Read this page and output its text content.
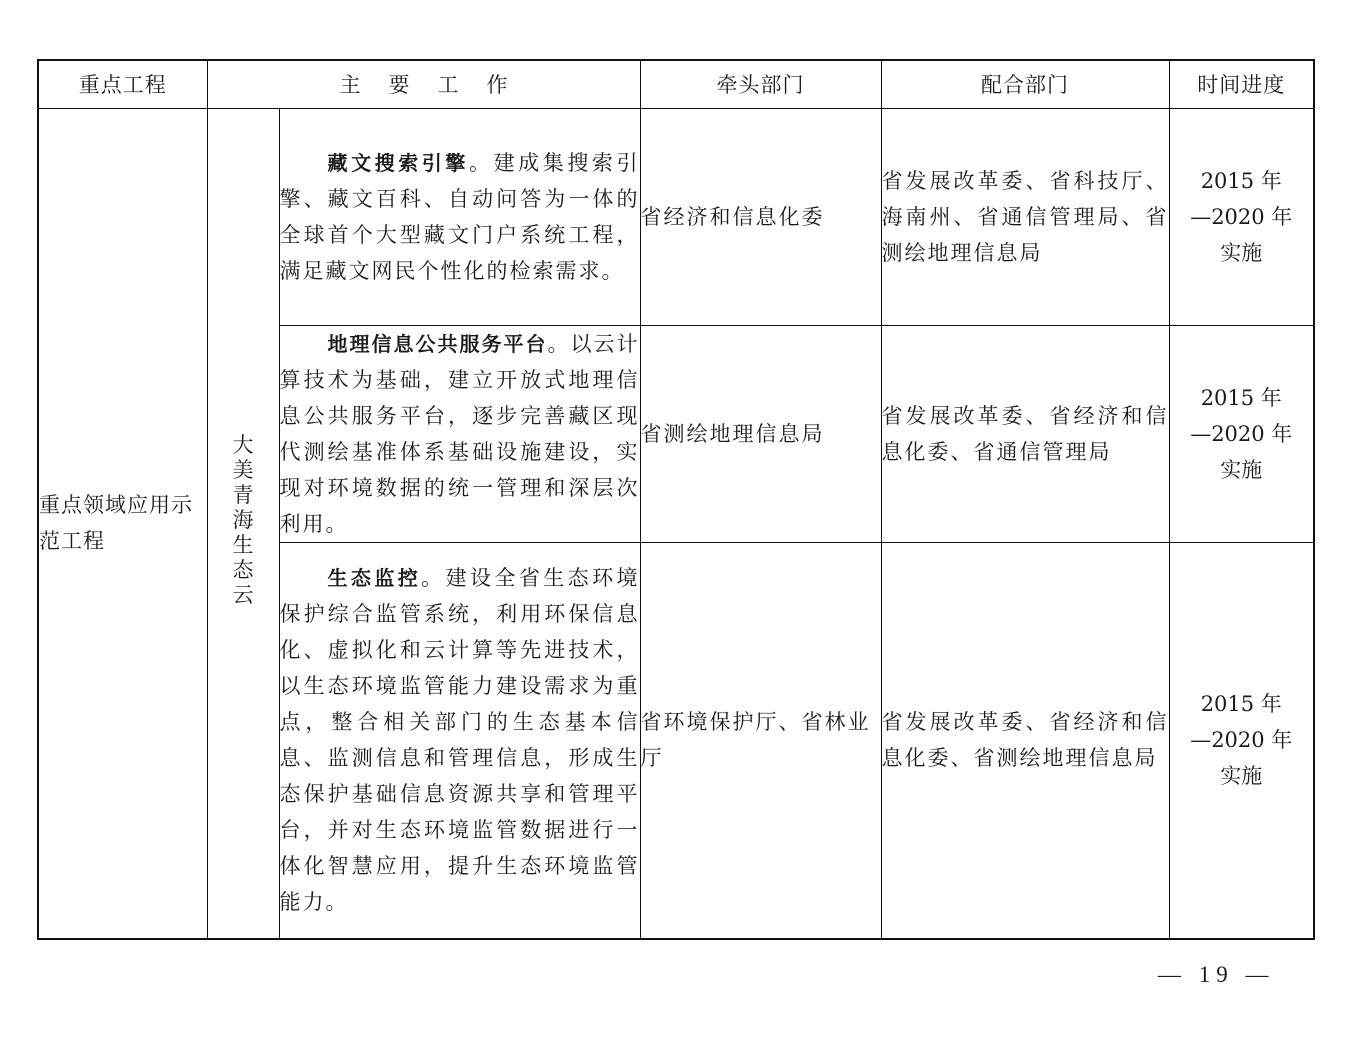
重点工程	主 要 工 作		牵头部门	配合部门	时间进度
重点领域应用示范工程	大美青海生态云	藏文搜索引擎。建成集搜索引擎、藏文百科、自动问答为一体的全球首个大型藏文门户系统工程，满足藏文网民个性化的检索需求。	省经济和信息化委	省发展改革委、省科技厅、海南州、省通信管理局、省测绘地理信息局	2015 年
—2020 年
实施

		地理信息公共服务平台。以云计算技术为基础，建立开放式地理信息公共服务平台，逐步完善藏区现代测绘基准体系基础设施建设，实现对环境数据的统一管理和深层次利用。	省测绘地理信息局	省发展改革委、省经济和信息化委、省通信管理局	2015 年
—2020 年
实施

		生态监控。建设全省生态环境保护综合监管系统，利用环保信息化、虚拟化和云计算等先进技术，以生态环境监管能力建设需求为重点，整合相关部门的生态基本信息、监测信息和管理信息，形成生态保护基础信息资源共享和管理平台，并对生态环境监管数据进行一体化智慧应用，提升生态环境监管能力。	省环境保护厅、省林业厅	省发展改革委、省经济和信息化委、省测绘地理信息局	2015 年
—2020 年
实施
— 19 —
